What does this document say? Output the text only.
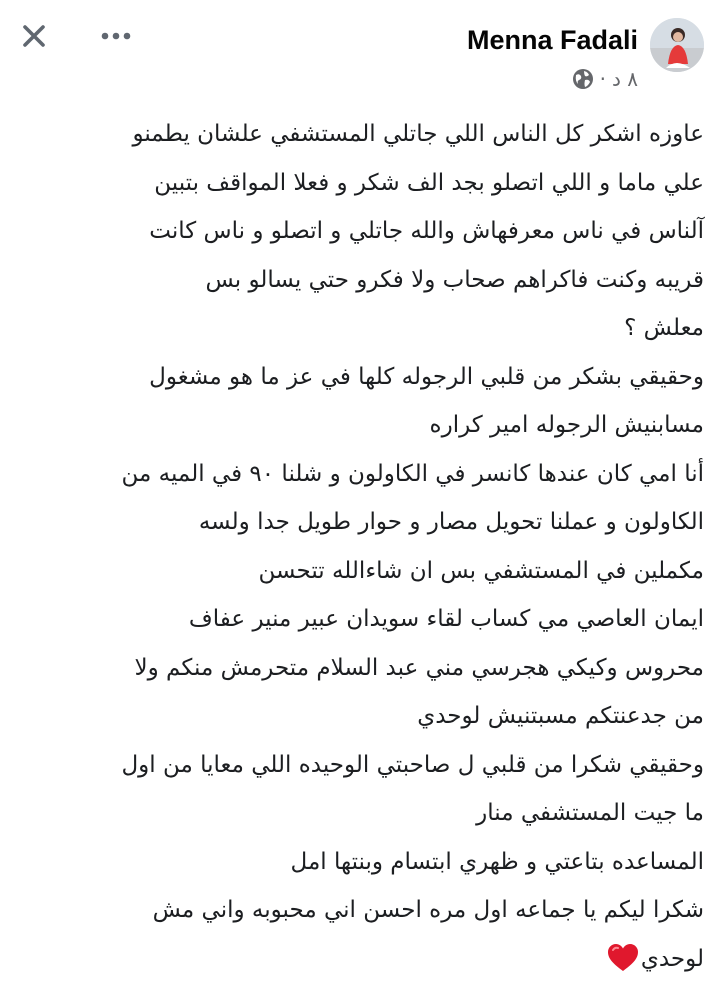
Menna Fadali
٨ د
·
عاوزه اشكر كل الناس اللي جاتلي المستشفي علشان يطمنو
علي ماما و اللي اتصلو بجد الف شكر و فعلا المواقف بتبين
آلناس في ناس معرفهاش والله جاتلي و اتصلو و ناس كانت
قريبه وكنت فاكراهم صحاب ولا فكرو حتي يسالو بس
معلش ؟
وحقيقي بشكر من قلبي الرجوله كلها في عز ما هو مشغول
مسابنيش الرجوله امير كراره
أنا امي كان عندها كانسر في الكاولون و شلنا ٩٠ في الميه من
الكاولون و عملنا تحويل مصار و حوار طويل جدا ولسه
مكملين في المستشفي بس ان شاءالله تتحسن
ايمان العاصي مي كساب لقاء سويدان عبير منير عفاف
محروس وكيكي هجرسي مني عبد السلام متحرمش منكم ولا
من جدعنتكم مسبتنيش لوحدي
وحقيقي شكرا من قلبي ل صاحبتي الوحيده اللي معايا من اول
ما جيت المستشفي منار
المساعده بتاعتي و ظهري ابتسام وبنتها امل
شكرا ليكم يا جماعه اول مره احسن اني محبوبه واني مش
لوحدي
